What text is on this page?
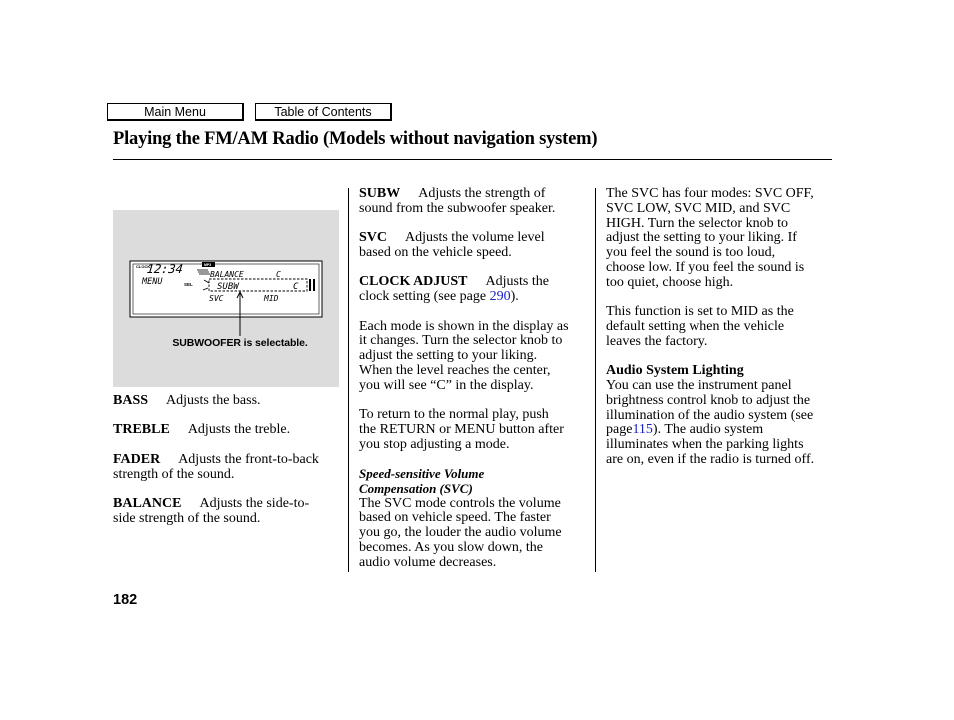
Main Menu	Table of Contents
Playing the FM/AM Radio (Models without navigation system)
CLOCK
12:34
MENU
MP3
SEL
BALANCE	C
SUBW	C
SVC	MID
SUBWOOFER is selectable.

BASS Adjusts the bass.

TREBLE Adjusts the treble.

FADER Adjusts the front-to-back
strength of the sound.

BALANCE Adjusts the side-to-
side strength of the sound.

SUBW Adjusts the strength of
sound from the subwoofer speaker.

SVC Adjusts the volume level
based on the vehicle speed.

CLOCK ADJUST Adjusts the
clock setting (see page 290).

Each mode is shown in the display as
it changes. Turn the selector knob to
adjust the setting to your liking.
When the level reaches the center,
you will see “C” in the display.

To return to the normal play, push
the RETURN or MENU button after
you stop adjusting a mode.

Speed-sensitive Volume
Compensation (SVC)

The SVC mode controls the volume
based on vehicle speed. The faster
you go, the louder the audio volume
becomes. As you slow down, the
audio volume decreases.

The SVC has four modes: SVC OFF,
SVC LOW, SVC MID, and SVC
HIGH. Turn the selector knob to
adjust the setting to your liking. If
you feel the sound is too loud,
choose low. If you feel the sound is
too quiet, choose high.

This function is set to MID as the
default setting when the vehicle
leaves the factory.

Audio System Lighting

You can use the instrument panel
brightness control knob to adjust the
illumination of the audio system (see
page115). The audio system
illuminates when the parking lights
are on, even if the radio is turned off.

182
